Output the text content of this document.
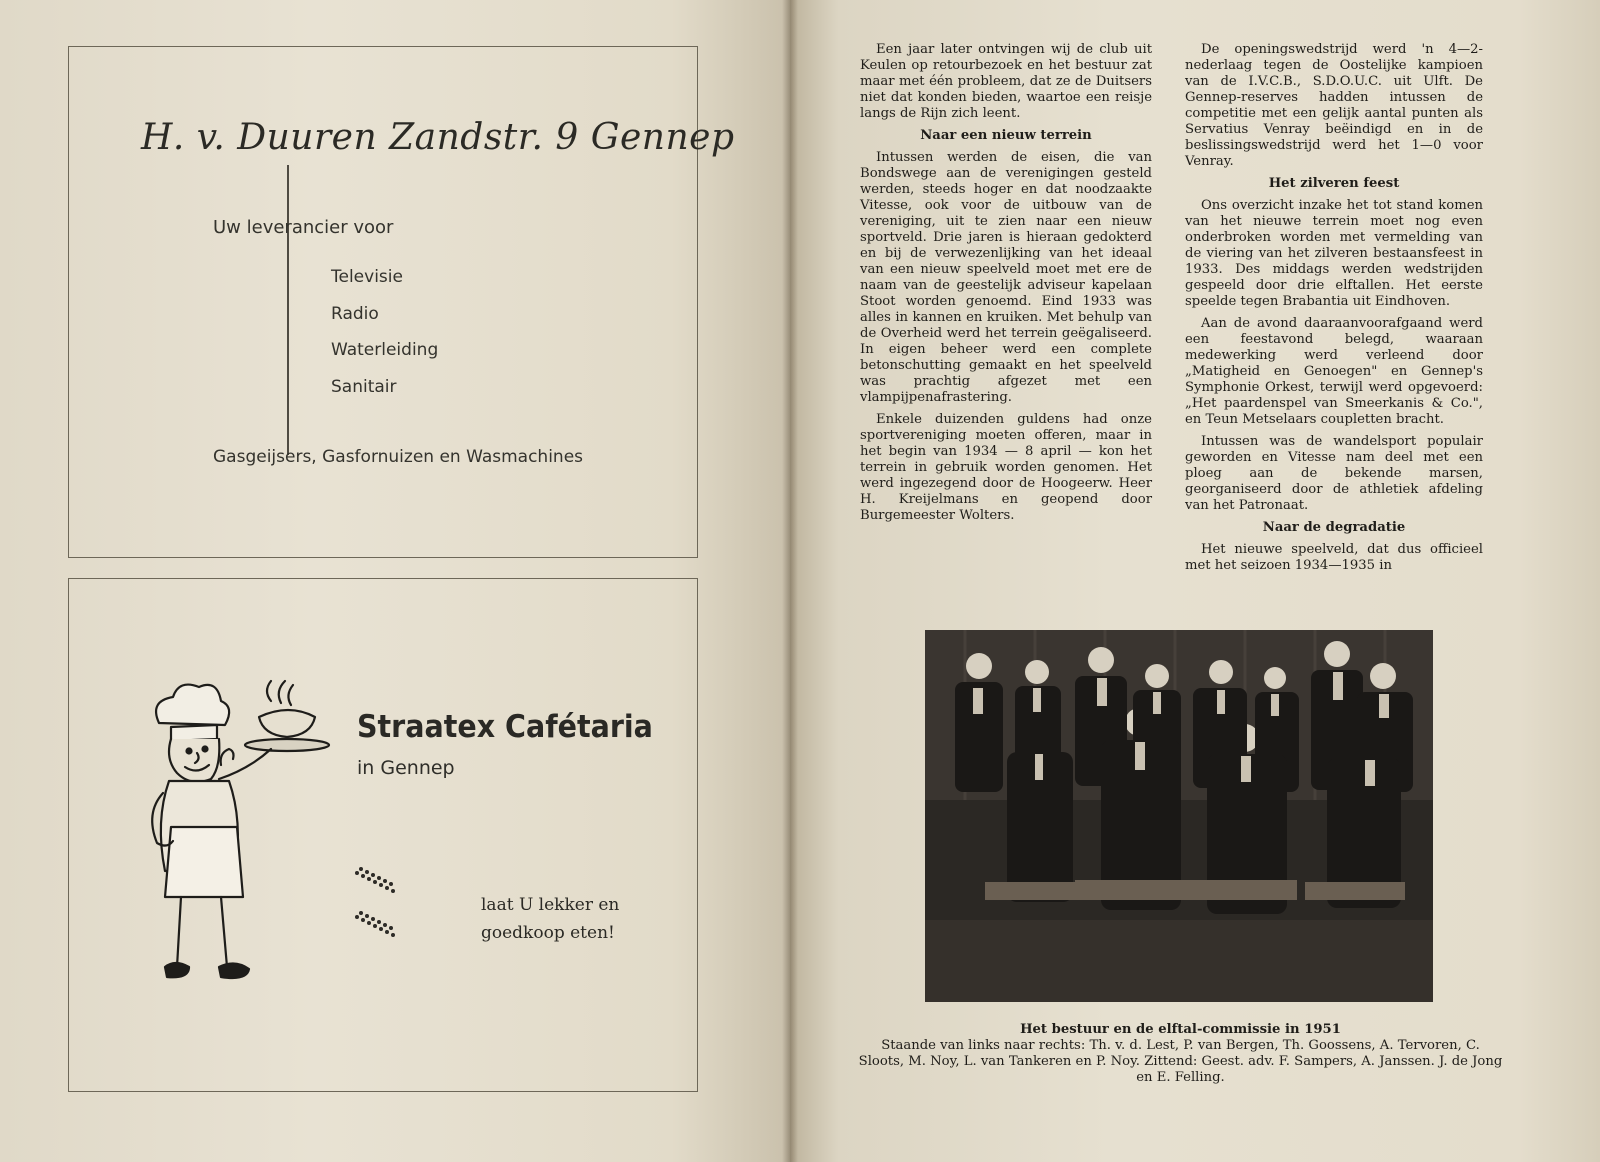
H. v. Duuren Zandstr. 9 Gennep
Uw leverancier voor
Televisie
Radio
Waterleiding
Sanitair
Gasgeijsers, Gasfornuizen en Wasmachines
Straatex Cafétaria
in Gennep
laat U lekker en
goedkoop eten!

Een jaar later ontvingen wij de club uit Keulen op retourbezoek en het bestuur zat maar met één probleem, dat ze de Duitsers niet dat konden bieden, waartoe een reisje langs de Rijn zich leent.

Naar een nieuw terrein

Intussen werden de eisen, die van Bondswege aan de verenigingen gesteld werden, steeds hoger en dat noodzaakte Vitesse, ook voor de uitbouw van de vereniging, uit te zien naar een nieuw sportveld. Drie jaren is hieraan gedokterd en bij de verwezenlijking van het ideaal van een nieuw speelveld moet met ere de naam van de geestelijk adviseur kapelaan Stoot worden genoemd. Eind 1933 was alles in kannen en kruiken. Met behulp van de Overheid werd het terrein geëgaliseerd. In eigen beheer werd een complete betonschutting gemaakt en het speelveld was prachtig afgezet met een vlampijpenafrastering.

Enkele duizenden guldens had onze sportvereniging moeten offeren, maar in het begin van 1934 — 8 april — kon het terrein in gebruik worden genomen. Het werd ingezegend door de Hoogeerw. Heer H. Kreijelmans en geopend door Burgemeester Wolters.

De openingswedstrijd werd 'n 4—2-nederlaag tegen de Oostelijke kampioen van de I.V.C.B., S.D.O.U.C. uit Ulft. De Gennep-reserves hadden intussen de competitie met een gelijk aantal punten als Servatius Venray beëindigd en in de beslissingswedstrijd werd het 1—0 voor Venray.

Het zilveren feest

Ons overzicht inzake het tot stand komen van het nieuwe terrein moet nog even onderbroken worden met vermelding van de viering van het zilveren bestaansfeest in 1933. Des middags werden wedstrijden gespeeld door drie elftallen. Het eerste speelde tegen Brabantia uit Eindhoven.

Aan de avond daaraanvoorafgaand werd een feestavond belegd, waaraan medewerking werd verleend door „Matigheid en Genoegen" en Gennep's Symphonie Orkest, terwijl werd opgevoerd: „Het paardenspel van Smeerkanis & Co.", en Teun Metselaars coupletten bracht.

Intussen was de wandelsport populair geworden en Vitesse nam deel met een ploeg aan de bekende marsen, georganiseerd door de athletiek afdeling van het Patronaat.

Naar de degradatie

Het nieuwe speelveld, dat dus officieel met het seizoen 1934—1935 in

Het bestuur en de elftal-commissie in 1951
Staande van links naar rechts: Th. v. d. Lest, P. van Bergen, Th. Goossens, A. Tervoren, C. Sloots, M. Noy, L. van Tankeren en P. Noy. Zittend: Geest. adv. F. Sampers, A. Janssen. J. de Jong en E. Felling.
